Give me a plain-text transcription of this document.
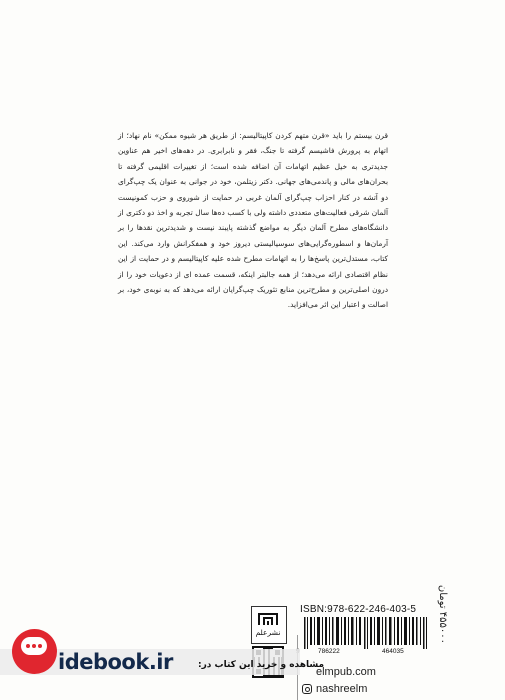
قرن بیستم را باید «قرن متهم کردن کاپیتالیسم: از طریق هر شیوه ممکن» نام نهاد؛ از اتهام به پرورش فاشیسم گرفته تا جنگ، فقر و نابرابری. در دهه‌های اخیر هم عناوین جدیدتری به خیل عظیم اتهامات آن اضافه شده است؛ از تغییرات اقلیمی گرفته تا بحران‌های مالی و پاندمی‌های جهانی. دکتر زیتلمن، خود در جوانی به عنوان یک چپ‌گرای دو آتشه در کنار احزاب چپ‌گرای آلمان غربی در حمایت از شوروی و حزب کمونیست آلمان شرقی فعالیت‌های متعددی داشته ولی با کسب ده‌ها سال تجربه و اخذ دو دکتری از دانشگاه‌های مطرح آلمان دیگر به مواضع گذشته پایبند نیست و شدیدترین نقدها را بر آرمان‌ها و اسطوره‌گرایی‌های سوسیالیستی دیروز خود و همفکرانش وارد می‌کند. این کتاب، مستدل‌ترین پاسخ‌ها را به اتهامات مطرح شده علیه کاپیتالیسم و در حمایت از این نظام اقتصادی ارائه می‌دهد؛ از همه جالبتر اینکه، قسمت عمده ای از دعویات خود را از درون اصلی‌ترین و مطرح‌ترین منابع تئوریک چپ‌گرایان ارائه می‌دهد که به نوبه‌ی خود، بر اصالت و اعتبار این اثر می‌افزاید.

۴۵۵۰۰۰ تومان
نشرعلم
ISBN:978-622-246-403-5
786222	464035
elmpub.com
nashreelm
idebook.ir	مشاهده و خرید این کتاب در:
